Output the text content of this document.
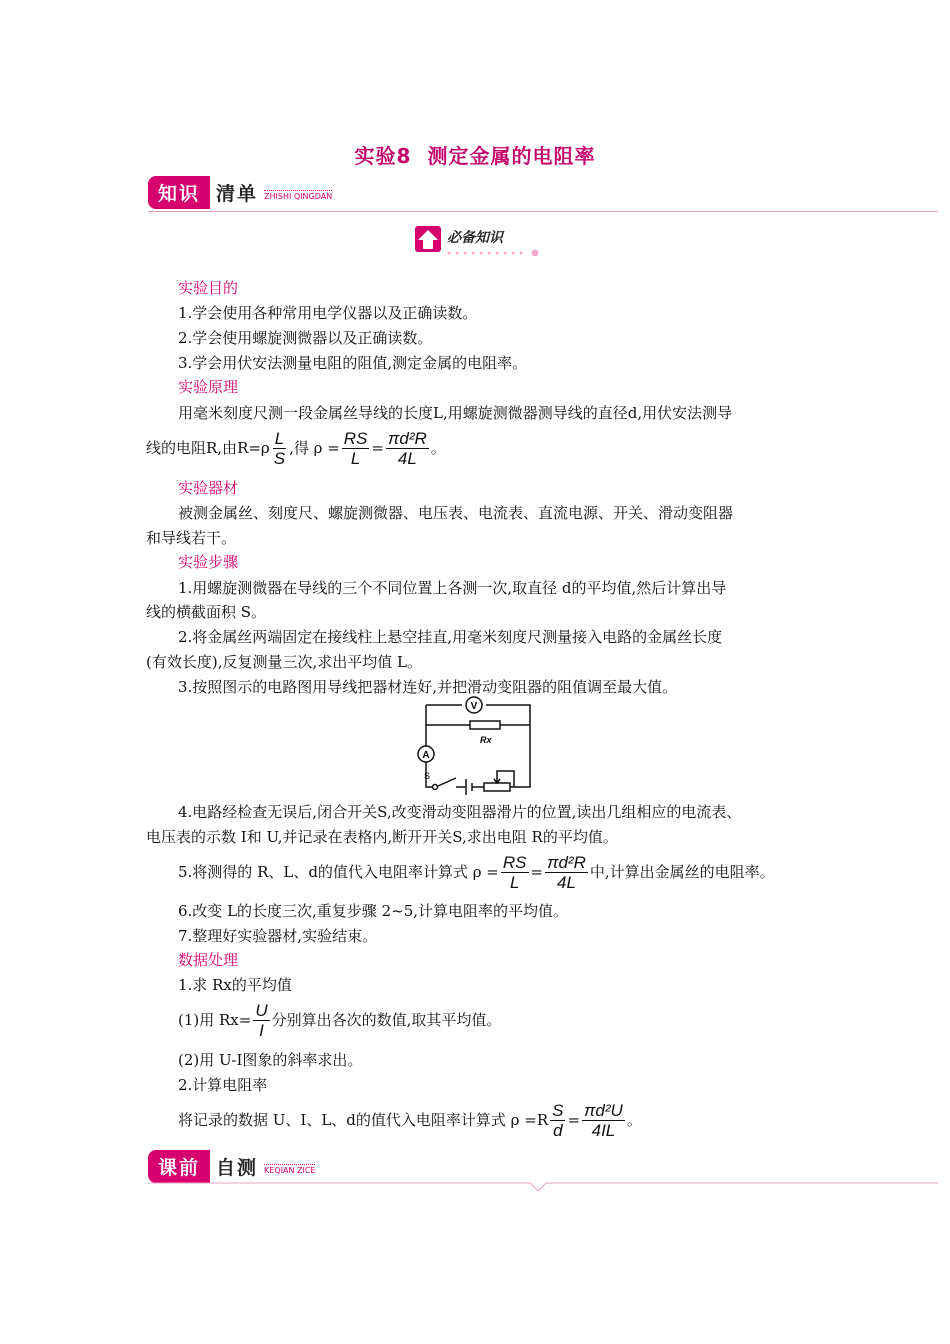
实验8 测定金属的电阻率
知识 清单 ZHISHI QINGDAN
必备知识
实验目的
1.学会使用各种常用电学仪器以及正确读数。
2.学会使用螺旋测微器以及正确读数。
3.学会用伏安法测量电阻的阻值,测定金属的电阻率。
实验原理
用毫米刻度尺测一段金属丝导线的长度L,用螺旋测微器测导线的直径d,用伏安法测导
线的电阻R,由$R=\rho \frac{L}{S}$ ,得 $\rho = \frac{RS}{L} = \frac{\text{πd²R}}{4L}$ 。
实验器材
被测金属丝、刻度尺、螺旋测微器、电压表、电流表、直流电源、开关、滑动变阻器
和导线若干。
实验步骤
1.用螺旋测微器在导线的三个不同位置上各测一次,取直径 d的平均值,然后计算出导
线的横截面积 S。
2.将金属丝两端固定在接线柱上悬空挂直,用毫米刻度尺测量接入电路的金属丝长度
(有效长度),反复测量三次,求出平均值 L。
3.按照图示的电路图用导线把器材连好,并把滑动变阻器的阻值调至最大值。
V
A
Rx
S
4.电路经检查无误后,闭合开关S,改变滑动变阻器滑片的位置,读出几组相应的电流表、
电压表的示数 I和 U,并记录在表格内,断开开关S,求出电阻 R的平均值。
5.将测得的 R、L、d的值代入电阻率计算式 $\rho = \frac{RS}{L} = \frac{\text{πd²R}}{4L}$ 中,计算出金属丝的电阻率。
6.改变 L的长度三次,重复步骤 2~5,计算电阻率的平均值。
7.整理好实验器材,实验结束。
数据处理
1.求 Rx的平均值
(1)用 $Rx= \frac{U}{I}$ 分别算出各次的数值,取其平均值。
(2)用 U-I图象的斜率求出。
2.计算电阻率
将记录的数据 U、I、L、d的值代入电阻率计算式 $\rho =R \frac{S}{d} = \frac{\text{πd²U}}{4IL}$ 。
课前 自测 KEQIAN ZICE
